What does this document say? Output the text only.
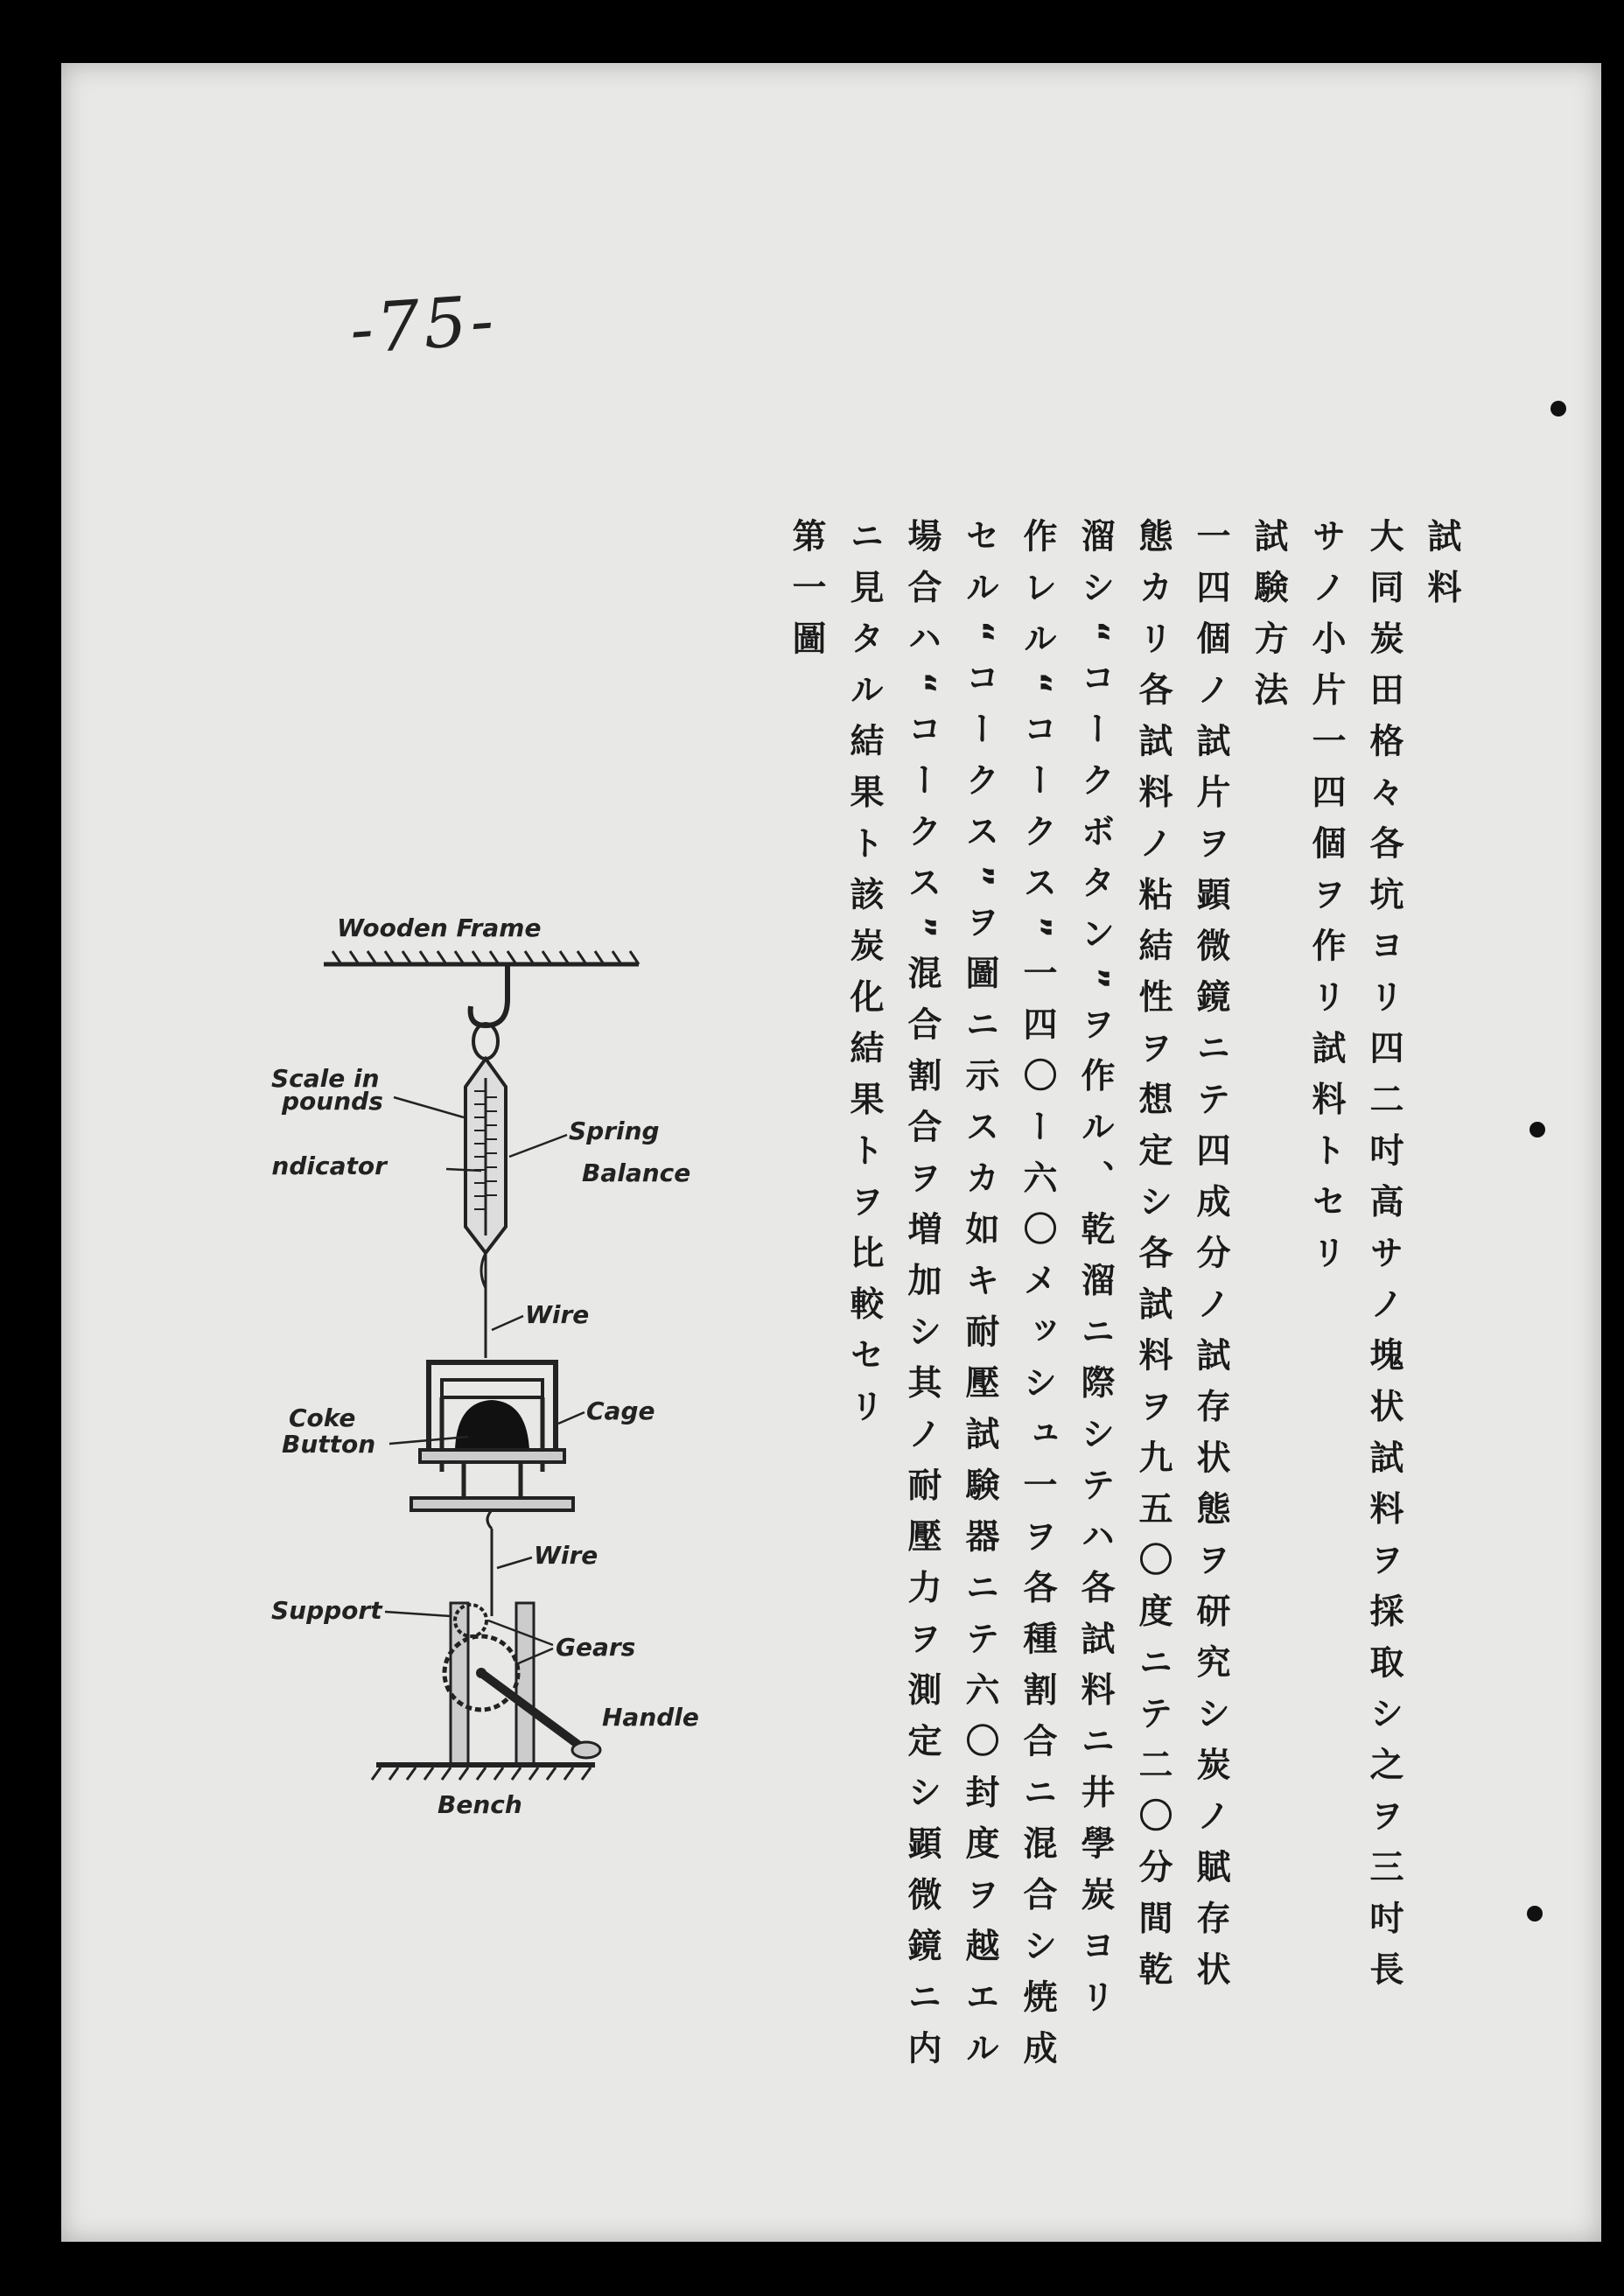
-75-
試料
大同炭田格々各坑ヨリ四二吋高サノ塊状試料ヲ採取シ之ヲ三吋長
サノ小片一四個ヲ作リ試料トセリ
試験方法
一四個ノ試片ヲ顕微鏡ニテ四成分ノ試存状態ヲ研究シ炭ノ賦存状
態カリ各試料ノ粘結性ヲ想定シ各試料ヲ九五〇度ニテ二〇分間乾
溜シ“コークボタン”ヲ作ル、乾溜ニ際シテハ各試料ニ井學炭ヨリ
作レル“コークス”一四〇ー六〇メッシュ一ヲ各種割合ニ混合シ焼成
セル“コークス”ヲ圖ニ示スカ如キ耐壓試験器ニテ六〇封度ヲ越エル
場合ハ“コークス”混合割合ヲ増加シ其ノ耐壓力ヲ測定シ顕微鏡ニ内
ニ見タル結果ト該炭化結果トヲ比較セリ
第一圖
Wooden Frame
Scale in
pounds
Spring
Balance
Indicator
Wire
Coke
Button
Cage
Wire
Support
Gears
Handle
Bench
